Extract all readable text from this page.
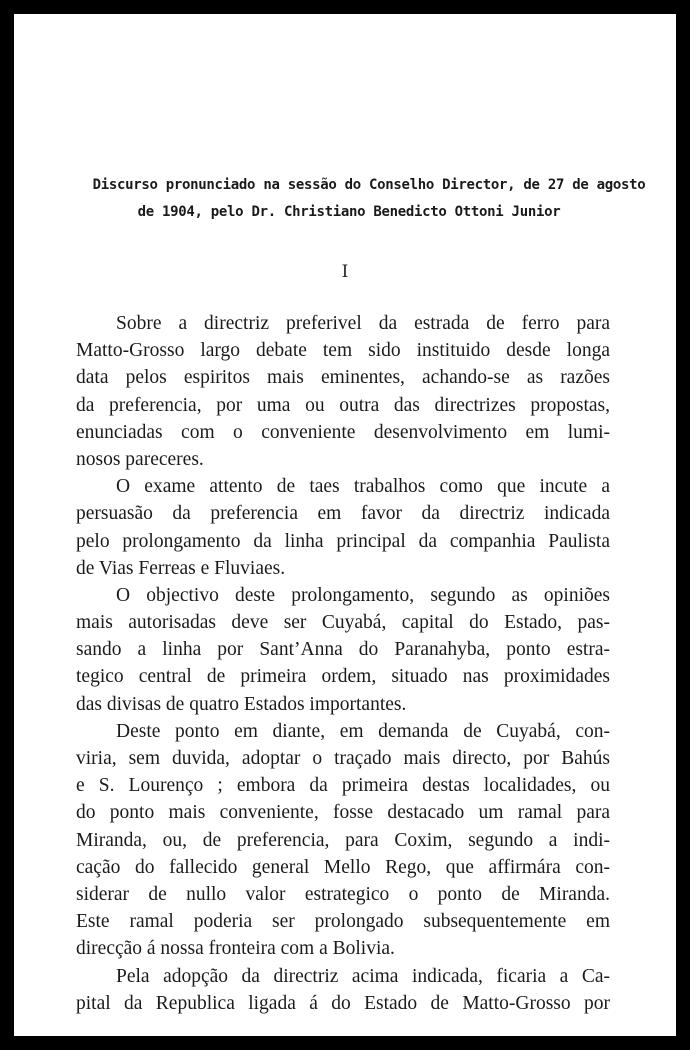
Discurso pronunciado na sessão do Conselho Director, de 27 de agosto
de 1904, pelo Dr. Christiano Benedicto Ottoni Junior
I
Sobre a directriz preferivel da estrada de ferro para
Matto-Grosso largo debate tem sido instituido desde longa
data pelos espiritos mais eminentes, achando-se as razões
da preferencia, por uma ou outra das directrizes propostas,
enunciadas com o conveniente desenvolvimento em lumi-
nosos pareceres.
O exame attento de taes trabalhos como que incute a
persuasão da preferencia em favor da directriz indicada
pelo prolongamento da linha principal da companhia Paulista
de Vias Ferreas e Fluviaes.
O objectivo deste prolongamento, segundo as opiniões
mais autorisadas deve ser Cuyabá, capital do Estado, pas-
sando a linha por Sant’Anna do Paranahyba, ponto estra-
tegico central de primeira ordem, situado nas proximidades
das divisas de quatro Estados importantes.
Deste ponto em diante, em demanda de Cuyabá, con-
viria, sem duvida, adoptar o traçado mais directo, por Bahús
e S. Lourenço ; embora da primeira destas localidades, ou
do ponto mais conveniente, fosse destacado um ramal para
Miranda, ou, de preferencia, para Coxim, segundo a indi-
cação do fallecido general Mello Rego, que affirmára con-
siderar de nullo valor estrategico o ponto de Miranda.
Este ramal poderia ser prolongado subsequentemente em
direcção á nossa fronteira com a Bolivia.
Pela adopção da directriz acima indicada, ficaria a Ca-
pital da Republica ligada á do Estado de Matto-Grosso por
